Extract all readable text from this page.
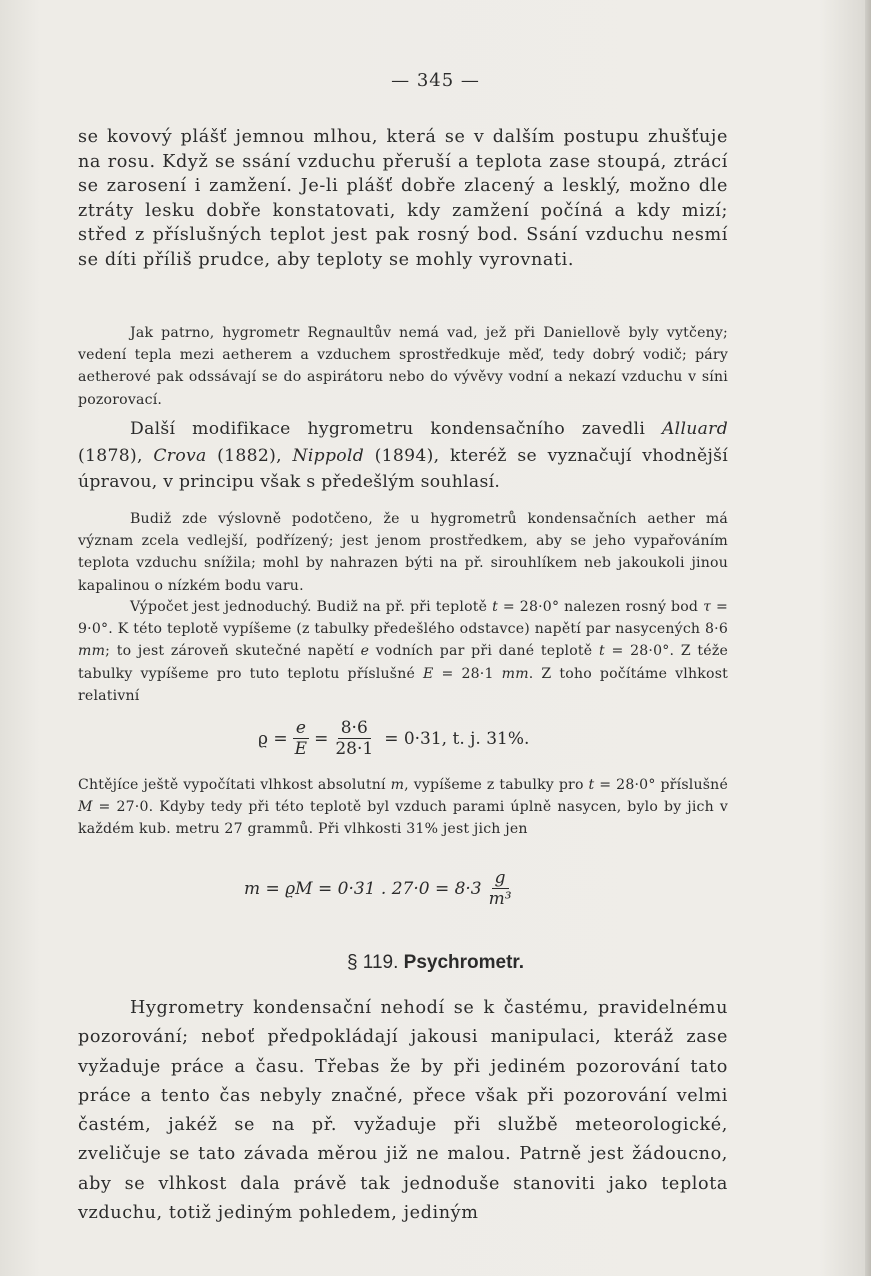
— 345 —
se kovový plášť jemnou mlhou, která se v dalším postupu zhušťuje na rosu. Když se ssání vzduchu přeruší a teplota zase stoupá, ztrácí se zarosení i zamžení. Je-li plášť dobře zlacený a lesklý, možno dle ztráty lesku dobře konstatovati, kdy zamžení počíná a kdy mizí; střed z příslušných teplot jest pak rosný bod. Ssání vzduchu nesmí se díti příliš prudce, aby teploty se mohly vyrovnati.
Jak patrno, hygrometr Regnaultův nemá vad, jež při Daniellově byly vytčeny; vedení tepla mezi aetherem a vzduchem sprostředkuje měď, tedy dobrý vodič; páry aetherové pak odssávají se do aspirátoru nebo do vývěvy vodní a nekazí vzduchu v síni pozorovací.
Další modifikace hygrometru kondensačního zavedli Alluard (1878), Crova (1882), Nippold (1894), kteréž se vyznačují vhodnější úpravou, v principu však s předešlým souhlasí.
Budiž zde výslovně podotčeno, že u hygrometrů kondensačních aether má význam zcela vedlejší, podřízený; jest jenom prostředkem, aby se jeho vypařováním teplota vzduchu snížila; mohl by nahrazen býti na př. sirouhlíkem neb jakoukoli jinou kapalinou o nízkém bodu varu.
Výpočet jest jednoduchý. Budiž na př. při teplotě t = 28·0° nalezen rosný bod τ = 9·0°. K této teplotě vypíšeme (z tabulky předešlého odstavce) napětí par nasycených 8·6 mm; to jest zároveň skutečné napětí e vodních par při dané teplotě t = 28·0°. Z téže tabulky vypíšeme pro tuto teplotu příslušné E = 28·1 mm. Z toho počítáme vlhkost relativní
$ϱ = \frac{e}{E} = \frac{8\cdot 6}{28\cdot 1} = 0\cdot 31$, t. j. 31%.
Chtějíce ještě vypočítati vlhkost absolutní m, vypíšeme z tabulky pro t = 28·0° příslušné M = 27·0. Kdyby tedy při této teplotě byl vzduch parami úplně nasycen, bylo by jich v každém kub. metru 27 grammů. Při vlhkosti 31% jest jich jen
m = ϱM = 0·31 . $27\cdot 0 = 8\cdot 3 \frac{g}{\text{m³}}$
§ 119. Psychrometr.
Hygrometry kondensační nehodí se k častému, pravidelnému pozorování; neboť předpokládají jakousi manipulaci, kteráž zase vyžaduje práce a času. Třebas že by při jediném pozorování tato práce a tento čas nebyly značné, přece však při pozorování velmi častém, jakéž se na př. vyžaduje při službě meteorologické, zveličuje se tato závada měrou již ne malou. Patrně jest žádoucno, aby se vlhkost dala právě tak jednoduše stanoviti jako teplota vzduchu, totiž jediným pohledem, jediným
